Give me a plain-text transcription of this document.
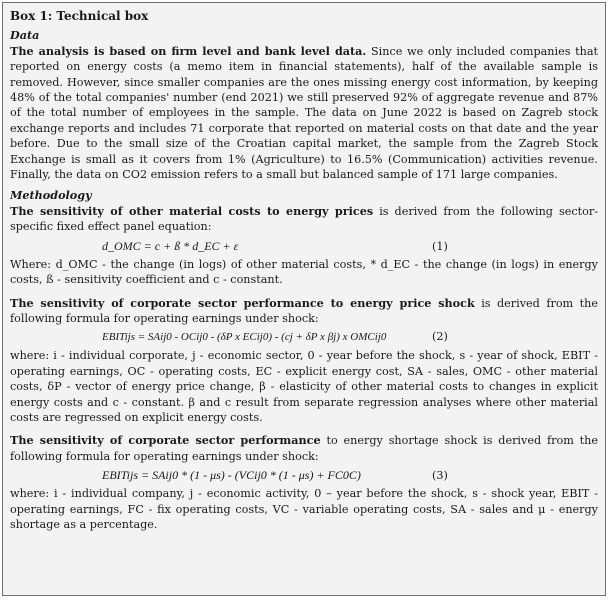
Box 1: Technical box
Data

The analysis is based on firm level and bank level data. Since we only included companies that reported on energy costs (a memo item in financial statements), half of the available sample is removed. However, since smaller companies are the ones missing energy cost information, by keeping 48% of the total companies' number (end 2021) we still preserved 92% of aggregate revenue and 87% of the total number of employees in the sample. The data on June 2022 is based on Zagreb stock exchange reports and includes 71 corporate that reported on material costs on that date and the year before. Due to the small size of the Croatian capital market, the sample from the Zagreb Stock Exchange is small as it covers from 1% (Agriculture) to 16.5% (Communication) activities revenue. Finally, the data on CO2 emission refers to a small but balanced sample of 171 large companies.

Methodology

The sensitivity of other material costs to energy prices is derived from the following sector-specific fixed effect panel equation:

d_OMC = c + ß * d_EC + ε	(1)

Where: d_OMC - the change (in logs) of other material costs, * d_EC - the change (in logs) in energy costs, ß - sensitivity coefficient and c - constant.

The sensitivity of corporate sector performance to energy price shock is derived from the following formula for operating earnings under shock:

EBITijs = SAij0 - OCij0 - (δP x ECij0) - (cj + δP x βj) x OMCij0	(2)

where: i - individual corporate, j - economic sector, 0 - year before the shock, s - year of shock, EBIT - operating earnings, OC - operating costs, EC - explicit energy cost, SA - sales, OMC - other material costs, δP - vector of energy price change, β - elasticity of other material costs to changes in explicit energy costs and c - constant. β and c result from separate regression analyses where other material costs are regressed on explicit energy costs.

The sensitivity of corporate sector performance to energy shortage shock is derived from the following formula for operating earnings under shock:

EBITijs = SAij0 * (1 - μs) - (VCij0 * (1 - μs) + FC0C)	(3)

where: i - individual company, j - economic activity, 0 – year before the shock, s - shock year, EBIT - operating earnings, FC - fix operating costs, VC - variable operating costs, SA - sales and μ - energy shortage as a percentage.
